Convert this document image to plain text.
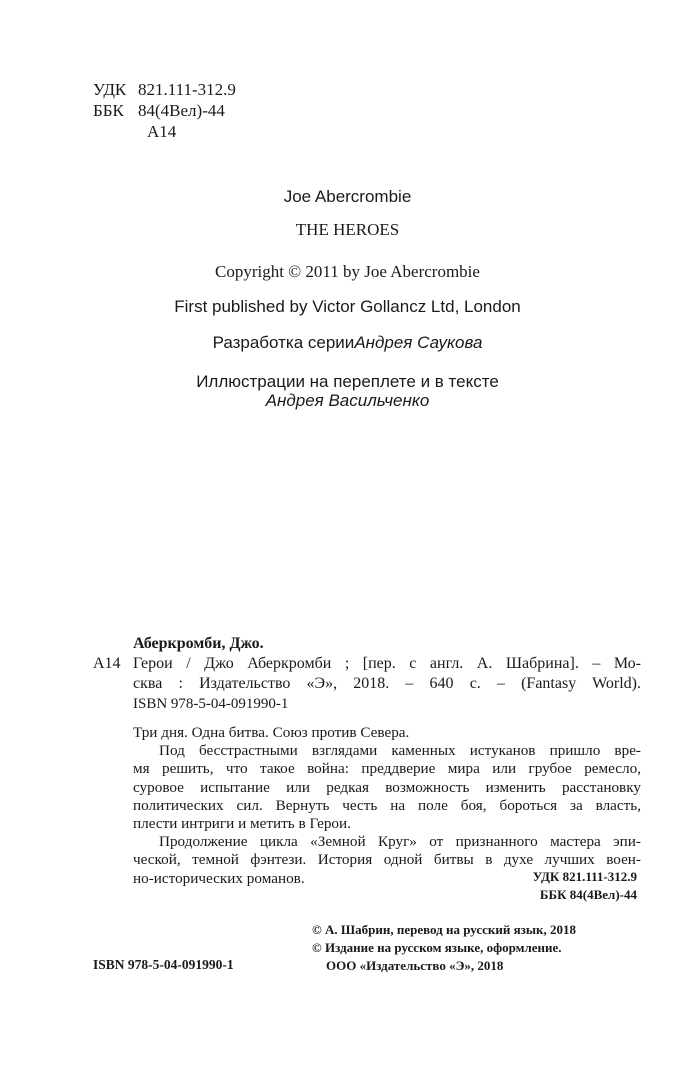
УДК 821.111-312.9
ББК 84(4Вел)-44
А14
Joe Abercrombie
THE HEROES
Copyright © 2011 by Joe Abercrombie
First published by Victor Gollancz Ltd, London
Разработка серииАндрея Саукова
Иллюстрации на переплете и в тексте
Андрея Васильченко
Аберкромби, Джо.
А14 Герои / Джо Аберкромби ; [пер. с англ. А. Шабрина]. – Мо-
сква : Издательство «Э», 2018. – 640 с. – (Fantasy World).
ISBN 978-5-04-091990-1
Три дня. Одна битва. Союз против Севера.
Под бесстрастными взглядами каменных истуканов пришло вре-
мя решить, что такое война: преддверие мира или грубое ремесло,
суровое испытание или редкая возможность изменить расстановку
политических сил. Вернуть честь на поле боя, бороться за власть,
плести интриги и метить в Герои.
Продолжение цикла «Земной Круг» от признанного мастера эпи-
ческой, темной фэнтези. История одной битвы в духе лучших воен-
но-исторических романов.	УДК 821.111-312.9
ББК 84(4Вел)-44
© А. Шабрин, перевод на русский язык, 2018
© Издание на русском языке, оформление.
ООО «Издательство «Э», 2018
ISBN 978-5-04-091990-1
